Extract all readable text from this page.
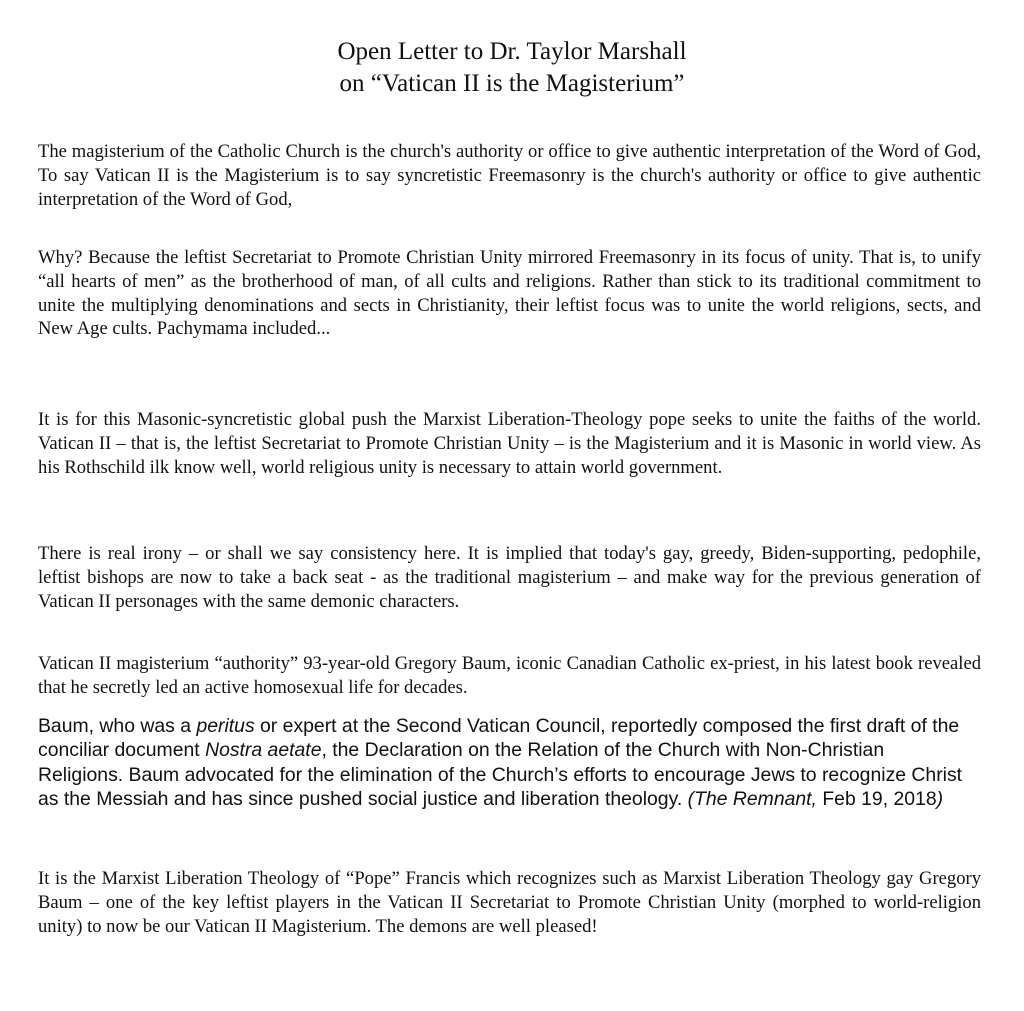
Open Letter to Dr. Taylor Marshall
on “Vatican II is the Magisterium”
The magisterium of the Catholic Church is the church's authority or office to give authentic interpretation of the Word of God, To say Vatican II is the Magisterium is to say syncretistic Freemasonry is the church's authority or office to give authentic interpretation of the Word of God,
Why? Because the leftist Secretariat to Promote Christian Unity mirrored Freemasonry in its focus of unity. That is, to unify “all hearts of men” as the brotherhood of man, of all cults and religions. Rather than stick to its traditional commitment to unite the multiplying denominations and sects in Christianity, their leftist focus was to unite the world religions, sects, and New Age cults. Pachymama included...
It is for this Masonic-syncretistic global push the Marxist Liberation-Theology pope seeks to unite the faiths of the world. Vatican II – that is, the leftist Secretariat to Promote Christian Unity – is the Magisterium and it is Masonic in world view. As his Rothschild ilk know well, world religious unity is necessary to attain world government.
There is real irony – or shall we say consistency here. It is implied that today's gay, greedy, Biden-supporting, pedophile, leftist bishops are now to take a back seat - as the traditional magisterium – and make way for the previous generation of Vatican II personages with the same demonic characters.
Vatican II magisterium “authority” 93-year-old Gregory Baum, iconic Canadian Catholic ex-priest, in his latest book revealed that he secretly led an active homosexual life for decades.
Baum, who was a peritus or expert at the Second Vatican Council, reportedly composed the first draft of the conciliar document Nostra aetate, the Declaration on the Relation of the Church with Non-Christian Religions. Baum advocated for the elimination of the Church’s efforts to encourage Jews to recognize Christ as the Messiah and has since pushed social justice and liberation theology. (The Remnant, Feb 19, 2018)
It is the Marxist Liberation Theology of “Pope” Francis which recognizes such as Marxist Liberation Theology gay Gregory Baum – one of the key leftist players in the Vatican II Secretariat to Promote Christian Unity (morphed to world-religion unity) to now be our Vatican II Magisterium. The demons are well pleased!
